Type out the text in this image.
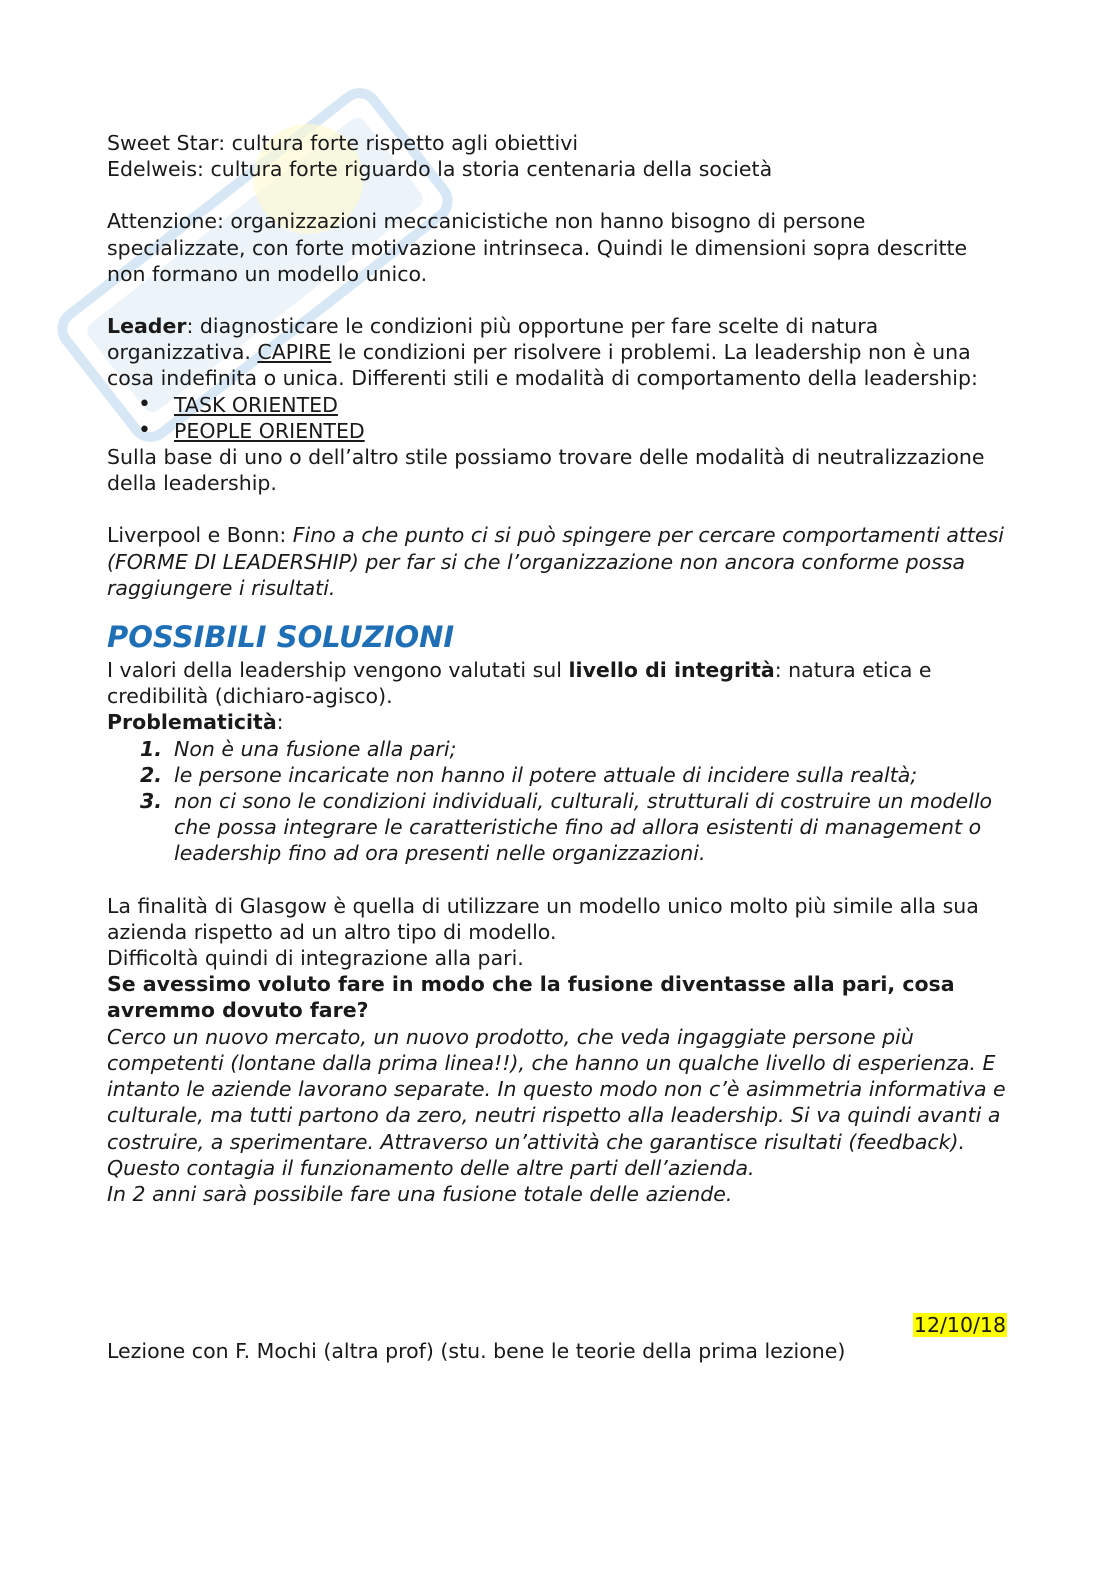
Sweet Star: cultura forte rispetto agli obiettivi

Edelweis: cultura forte riguardo la storia centenaria della società

Attenzione: organizzazioni meccanicistiche non hanno bisogno di persone specializzate, con forte motivazione intrinseca. Quindi le dimensioni sopra descritte non formano un modello unico.

Leader: diagnosticare le condizioni più opportune per fare scelte di natura organizzativa. CAPIRE le condizioni per risolvere i problemi. La leadership non è una cosa indefinita o unica. Differenti stili e modalità di comportamento della leadership:

• TASK ORIENTED
• PEOPLE ORIENTED

Sulla base di uno o dell’altro stile possiamo trovare delle modalità di neutralizzazione della leadership.

Liverpool e Bonn: Fino a che punto ci si può spingere per cercare comportamenti attesi (FORME DI LEADERSHIP) per far si che l’organizzazione non ancora conforme possa raggiungere i risultati.

POSSIBILI SOLUZIONI

I valori della leadership vengono valutati sul livello di integrità: natura etica e credibilità (dichiaro-agisco).

Problematicità:

1. Non è una fusione alla pari;
2. le persone incaricate non hanno il potere attuale di incidere sulla realtà;
3. non ci sono le condizioni individuali, culturali, strutturali di costruire un modello che possa integrare le caratteristiche fino ad allora esistenti di management o leadership fino ad ora presenti nelle organizzazioni.

La finalità di Glasgow è quella di utilizzare un modello unico molto più simile alla sua azienda rispetto ad un altro tipo di modello.

Difficoltà quindi di integrazione alla pari.

Se avessimo voluto fare in modo che la fusione diventasse alla pari, cosa avremmo dovuto fare?

Cerco un nuovo mercato, un nuovo prodotto, che veda ingaggiate persone più competenti (lontane dalla prima linea!!), che hanno un qualche livello di esperienza. E intanto le aziende lavorano separate. In questo modo non c’è asimmetria informativa e culturale, ma tutti partono da zero, neutri rispetto alla leadership. Si va quindi avanti a costruire, a sperimentare. Attraverso un’attività che garantisce risultati (feedback). Questo contagia il funzionamento delle altre parti dell’azienda.

In 2 anni sarà possibile fare una fusione totale delle aziende.

12/10/18

Lezione con F. Mochi (altra prof) (stu. bene le teorie della prima lezione)
